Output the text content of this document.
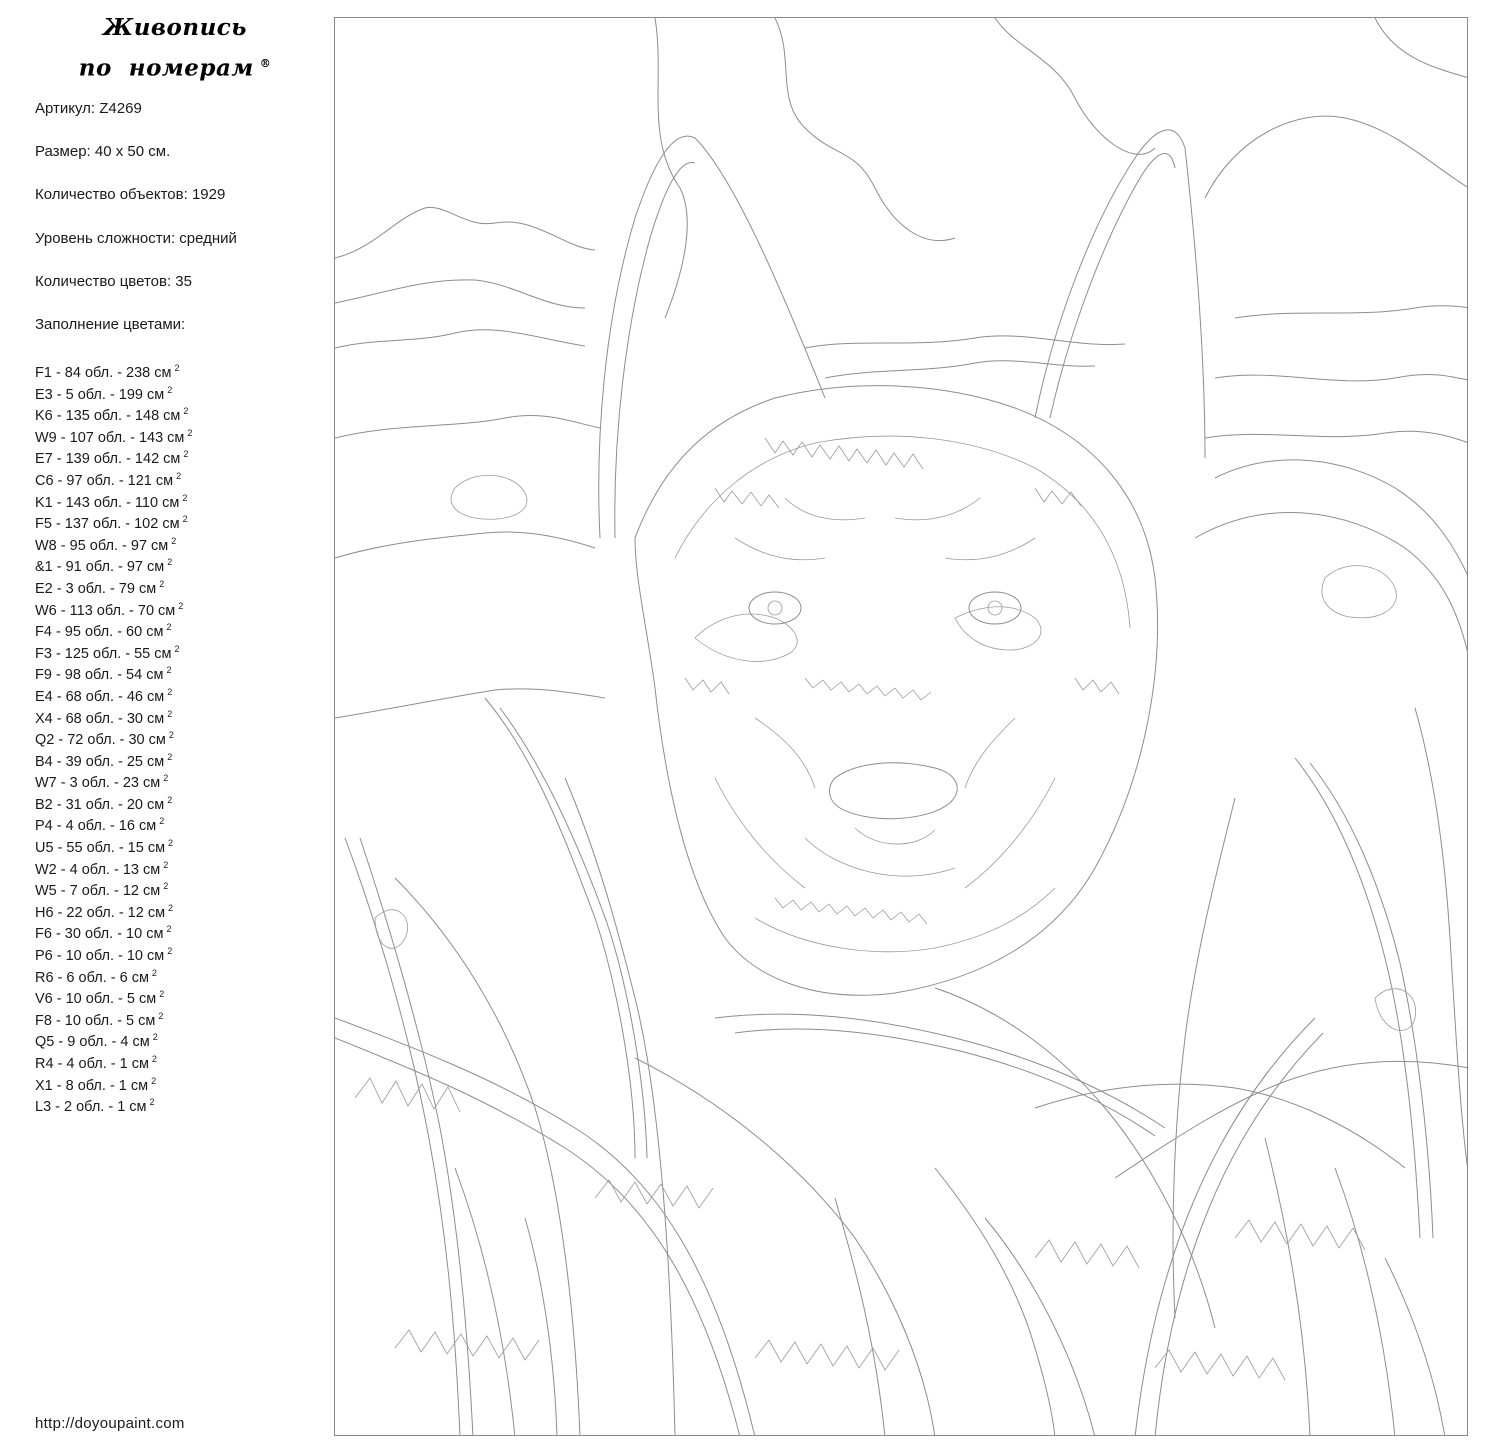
Живопись
по  номерам ®
Артикул: Z4269
Размер: 40 х 50 см.
Количество объектов: 1929
Уровень сложности: средний
Количество цветов: 35
Заполнение цветами:
F1 - 84 обл. - 238 см $^2$
E3 - 5 обл. - 199 см $^2$
K6 - 135 обл. - 148 см $^2$
W9 - 107 обл. - 143 см $^2$
E7 - 139 обл. - 142 см $^2$
C6 - 97 обл. - 121 см $^2$
K1 - 143 обл. - 110 см $^2$
F5 - 137 обл. - 102 см $^2$
W8 - 95 обл. - 97 см $^2$
&1 - 91 обл. - 97 см $^2$
E2 - 3 обл. - 79 см $^2$
W6 - 113 обл. - 70 см $^2$
F4 - 95 обл. - 60 см $^2$
F3 - 125 обл. - 55 см $^2$
F9 - 98 обл. - 54 см $^2$
E4 - 68 обл. - 46 см $^2$
X4 - 68 обл. - 30 см $^2$
Q2 - 72 обл. - 30 см $^2$
B4 - 39 обл. - 25 см $^2$
W7 - 3 обл. - 23 см $^2$
B2 - 31 обл. - 20 см $^2$
P4 - 4 обл. - 16 см $^2$
U5 - 55 обл. - 15 см $^2$
W2 - 4 обл. - 13 см $^2$
W5 - 7 обл. - 12 см $^2$
H6 - 22 обл. - 12 см $^2$
F6 - 30 обл. - 10 см $^2$
P6 - 10 обл. - 10 см $^2$
R6 - 6 обл. - 6 см $^2$
V6 - 10 обл. - 5 см $^2$
F8 - 10 обл. - 5 см $^2$
Q5 - 9 обл. - 4 см $^2$
R4 - 4 обл. - 1 см $^2$
X1 - 8 обл. - 1 см $^2$
L3 - 2 обл. - 1 см $^2$
http://doyoupaint.com
